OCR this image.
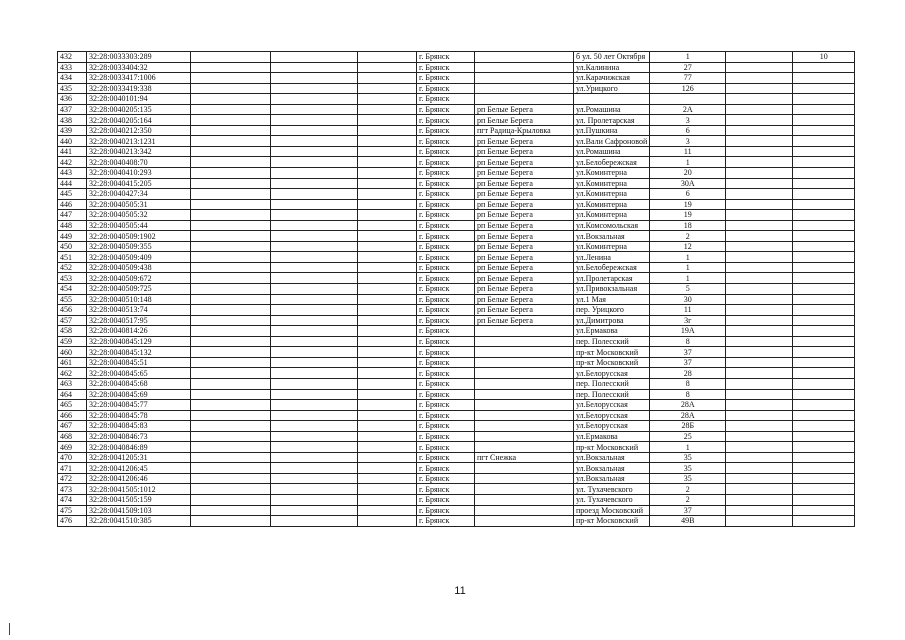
432	32:28:0033303:289				г. Брянск		б ул. 50 лет Октября	1		10
433	32:28:0033404:32				г. Брянск		ул.Калинина	27		
434	32:28:0033417:1006				г. Брянск		ул.Карачижская	77		
435	32:28:0033419:338				г. Брянск		ул.Урицкого	126		
436	32:28:0040101:94				г. Брянск					
437	32:28:0040205:135				г. Брянск	рп Белые Берега	ул.Ромашина	2А		
438	32:28:0040205:164				г. Брянск	рп Белые Берега	ул. Пролетарская	3		
439	32:28:0040212:350				г. Брянск	пгт Радица-Крыловка	ул.Пушкина	6		
440	32:28:0040213:1231				г. Брянск	рп Белые Берега	ул.Вали Сафроновой	3		
441	32:28:0040213:342				г. Брянск	рп Белые Берега	ул.Ромашина	11		
442	32:28:0040408:70				г. Брянск	рп Белые Берега	ул.Белобережская	1		
443	32:28:0040410:293				г. Брянск	рп Белые Берега	ул.Коминтерна	20		
444	32:28:0040415:205				г. Брянск	рп Белые Берега	ул.Коминтерна	30А		
445	32:28:0040427:34				г. Брянск	рп Белые Берега	ул.Коминтерна	6		
446	32:28:0040505:31				г. Брянск	рп Белые Берега	ул.Коминтерна	19		
447	32:28:0040505:32				г. Брянск	рп Белые Берега	ул.Коминтерна	19		
448	32:28:0040505:44				г. Брянск	рп Белые Берега	ул.Комсомольская	18		
449	32:28:0040509:1902				г. Брянск	рп Белые Берега	ул.Вокзальная	2		
450	32:28:0040509:355				г. Брянск	рп Белые Берега	ул.Коминтерна	12		
451	32:28:0040509:409				г. Брянск	рп Белые Берега	ул.Ленина	1		
452	32:28:0040509:438				г. Брянск	рп Белые Берега	ул.Белобережская	1		
453	32:28:0040509:672				г. Брянск	рп Белые Берега	ул.Пролетарская	1		
454	32:28:0040509:725				г. Брянск	рп Белые Берега	ул.Привокзальная	5		
455	32:28:0040510:148				г. Брянск	рп Белые Берега	ул.1 Мая	30		
456	32:28:0040513:74				г. Брянск	рп Белые Берега	пер. Урицкого	11		
457	32:28:0040517:95				г. Брянск	рп Белые Берега	ул.Димитрова	3г		
458	32:28:0040814:26				г. Брянск		ул.Ермакова	19А		
459	32:28:0040845:129				г. Брянск		пер. Полесский	8		
460	32:28:0040845:132				г. Брянск		пр-кт Московский	37		
461	32:28:0040845:51				г. Брянск		пр-кт Московский	37		
462	32:28:0040845:65				г. Брянск		ул.Белорусская	28		
463	32:28:0040845:68				г. Брянск		пер. Полесский	8		
464	32:28:0040845:69				г. Брянск		пер. Полесский	8		
465	32:28:0040845:77				г. Брянск		ул.Белорусская	28А		
466	32:28:0040845:78				г. Брянск		ул.Белорусская	28А		
467	32:28:0040845:83				г. Брянск		ул.Белорусская	28Б		
468	32:28:0040846:73				г. Брянск		ул.Ермакова	25		
469	32:28:0040846:89				г. Брянск		пр-кт Московский	1		
470	32:28:0041205:31				г. Брянск	пгт Снежка	ул.Вокзальная	35		
471	32:28:0041206:45				г. Брянск		ул.Вокзальная	35		
472	32:28:0041206:46				г. Брянск		ул.Вокзальная	35		
473	32:28:0041505:1012				г. Брянск		ул. Тухачевского	2		
474	32:28:0041505:159				г. Брянск		ул. Тухачевского	2		
475	32:28:0041509:103				г. Брянск		проезд Московский	37		
476	32:28:0041510:385				г. Брянск		пр-кт Московский	49В		
11
